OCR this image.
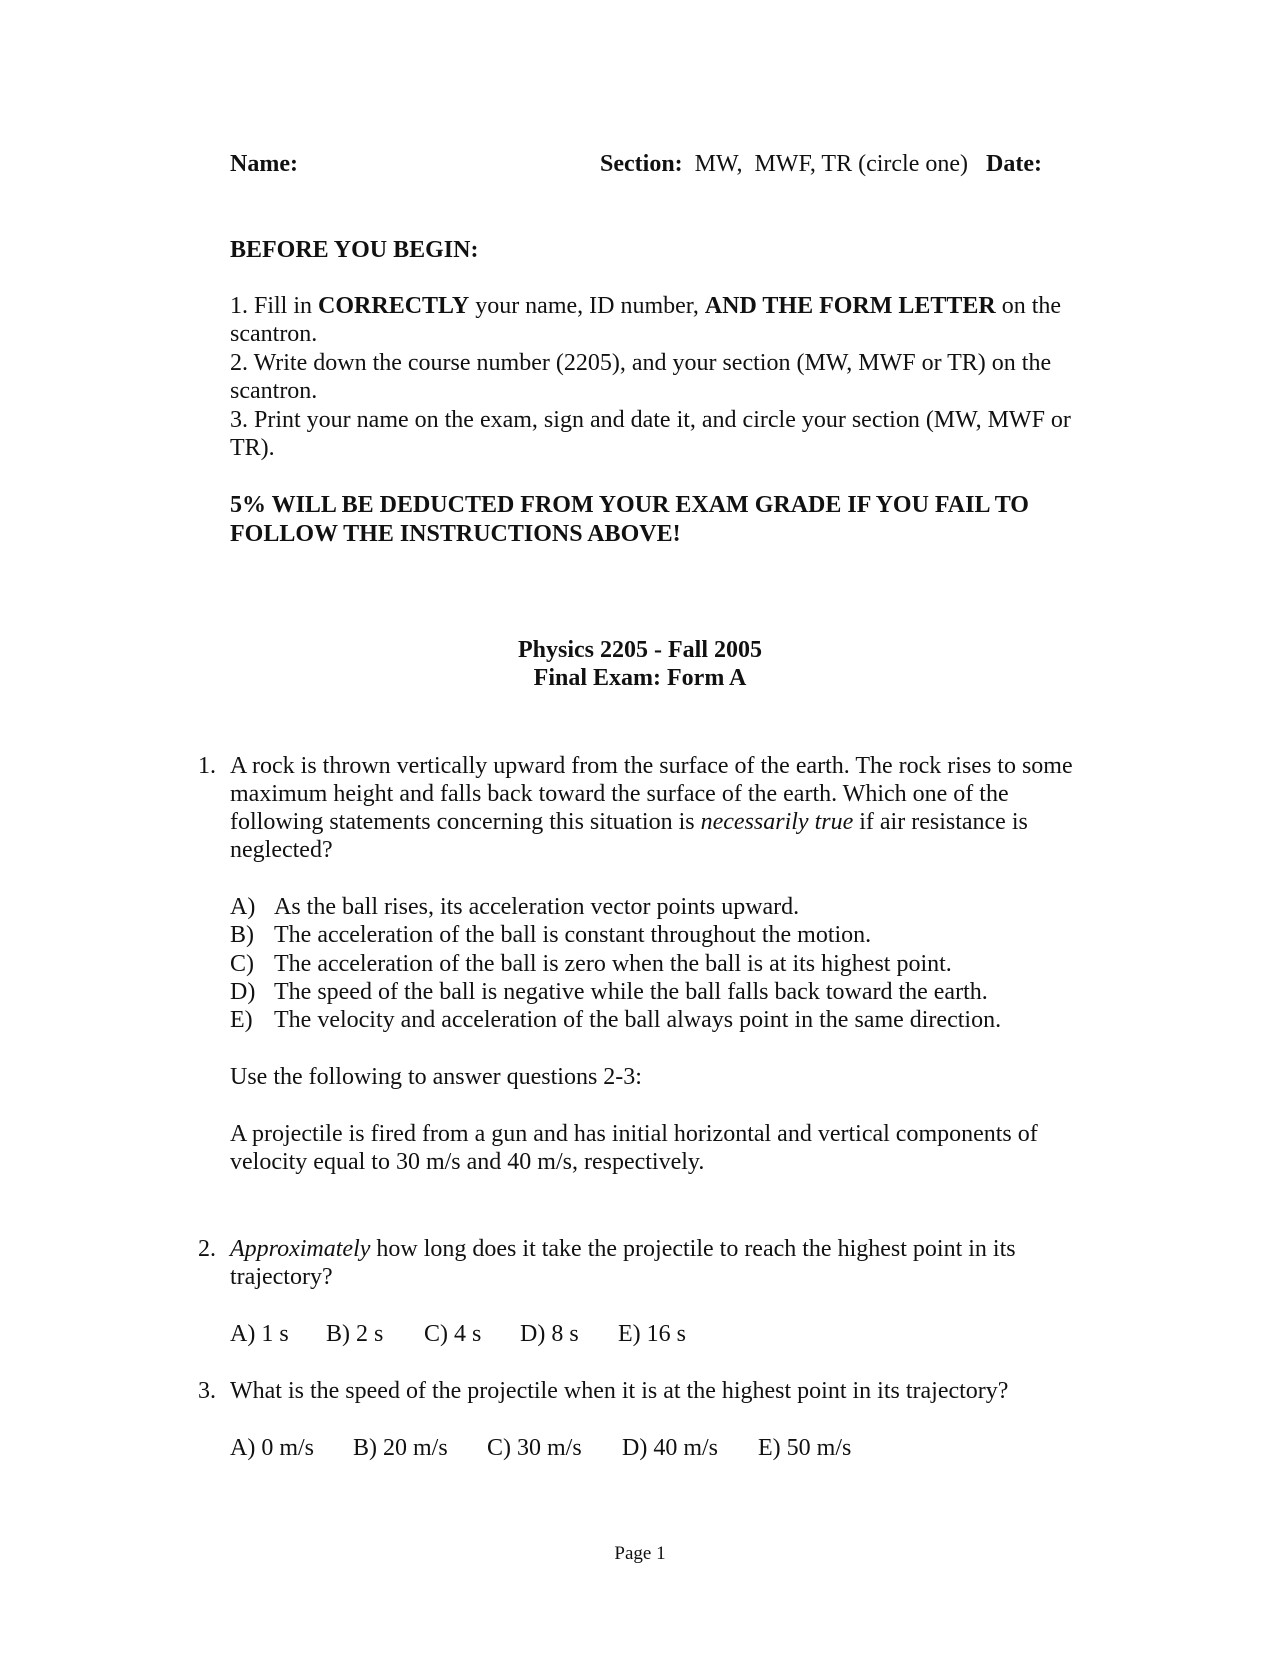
Name:	Section: MW,  MWF, TR (circle one) Date:
BEFORE YOU BEGIN:
1. Fill in CORRECTLY your name, ID number, AND THE FORM LETTER on the
scantron.
2. Write down the course number (2205), and your section (MW, MWF or TR) on the
scantron.
3. Print your name on the exam, sign and date it, and circle your section (MW, MWF or
TR).
5% WILL BE DEDUCTED FROM YOUR EXAM GRADE IF YOU FAIL TO
FOLLOW THE INSTRUCTIONS ABOVE!
Physics 2205 - Fall 2005
Final Exam: Form A
1. A rock is thrown vertically upward from the surface of the earth. The rock rises to some
maximum height and falls back toward the surface of the earth. Which one of the
following statements concerning this situation is necessarily true if air resistance is
neglected?
A) As the ball rises, its acceleration vector points upward.
B) The acceleration of the ball is constant throughout the motion.
C) The acceleration of the ball is zero when the ball is at its highest point.
D) The speed of the ball is negative while the ball falls back toward the earth.
E) The velocity and acceleration of the ball always point in the same direction.
Use the following to answer questions 2-3:
A projectile is fired from a gun and has initial horizontal and vertical components of
velocity equal to 30 m/s and 40 m/s, respectively.
2. Approximately how long does it take the projectile to reach the highest point in its
trajectory?
A) 1 s B) 2 s C) 4 s D) 8 s E) 16 s
3. What is the speed of the projectile when it is at the highest point in its trajectory?
A) 0 m/s B) 20 m/s C) 30 m/s D) 40 m/s E) 50 m/s
Page 1
